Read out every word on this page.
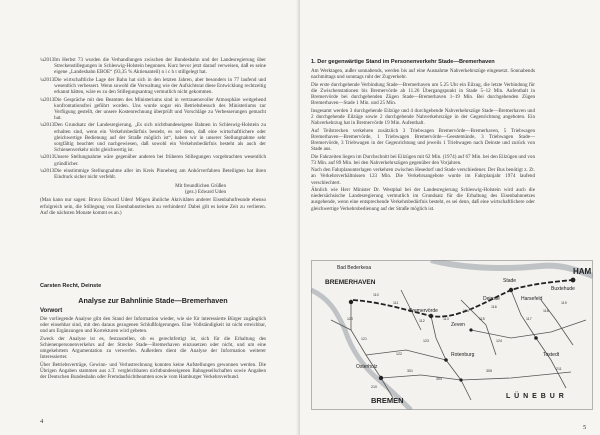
\u2013 Im Herbst 73 wurden die Verhandlungen zwischen der Bundesbahn und der Landesregierung über Streckenstillegungen in Schleswig-Holstein begonnen. Kurz bevor jetzt darauf verweisen, daß es seine eigene „Landesbahn EBOE“ (93,35 % Aktienanteil) n i c h t stillgelegt hat.
\u2013 Die wirtschaftliche Lage der Bahn hat sich in den letzten Jahren, aber besonders in 77 laufend und wesentlich verbessert. Wenn sowohl die Verwaltung wie der Aufsichtsrat diese Entwicklung rechtzeitig erkannt hätten, wäre es zu den Stillegungsantrag vermutlich nicht gekommen.
\u2013 Die Gespräche mit den Beamten des Ministeriums sind in vertrauensvoller Atmosphäre weitgehend konfrontationsfrei geführt worden. Uns wurde sogar ein Betriebsbesuch des Ministeriums zur Verfügung gestellt, der unsere Kostenrechnung überprüft und Vorschläge zu Verbesserungen gemacht hat.
\u2013 Den Grundsatz der Landesregierung, „Es sich nichtbundeseigene Bahnen in Schleswig-Holstein zu erhalten sind, wenn ein Verkehrsbedürfnis besteht, es sei denn, daß eine wirtschaftlichere oder gleichwertige Bedienung auf der Straße möglich ist“, haben wir in unserer Stellungnahme sehr sorgfältig beachtet und nachgewiesen, daß sowohl ein Verkehrsbedürfnis besteht als auch der Schienenverkehr nicht gleichwertig ist.
\u2013 Unsere Stellungnahme wäre gegenüber anderen bei früheren Stillegungen vorgebrachten wesentlich gründlicher.
\u2013 Die einstimmige Stellungnahme aller im Kreis Pinneberg am Anhörverfahren Beteiligten hat ihren Eindruck sicher nicht verfehlt.
Mit freundlichen Grüßen
(gez.) Edward Uden

(Man kann nur sagen: Bravo Edward Uden! Mögen ähnliche Aktivitäten anderer Eisenbahnfreunde ebenso erfolgreich sein, die Stillegung von Eisenbahnstrecken zu verhindern! Dabei gilt es keine Zeit zu verlieren. Auf die nächsten Monate kommt es an.)

Carsten Recht, Deinste
Analyse zur Bahnlinie Stade—Bremerhaven
Vorwort

Die vorliegende Analyse gibt den Stand der Information wieder, wie sie für interessierte Bürger zugänglich oder einsehbar sind, mit den daraus gezogenen Schlußfolgerungen. Eine Vollständigkeit ist nicht erreichbar, und am Ergänzungen und Korrekturen wird gebeten.

Zweck der Analyse ist es, festzustellen, ob es gerechtfertigt ist, sich für die Erhaltung des Schienenpersonenverkehrs auf der Strecke Stade—Bremerhaven einzusetzen oder nicht, und um eine umgekehrtem Argumentation zu verwerfen. Außerdem dient die Analyse der Information weiterer Interessierter.

Über Betriebsverträge, Gewinn- und Verlustrechnung konnten keine Aufstellungen gewonnen werden. Die Übrigen Angaben stammen aus z.T. vergleichbaren nichtbundeseigenen Bahngesellschaften sowie Angaben der Deutschen Bundesbahn oder Fremdaufsichtbeamten sowie vom Hamburger Verkehrsverbund.

4
1. Der gegenwärtige Stand im Personenverkehr Stade—Bremerhaven

Am Werktagen, außer sonnabends, werden bis auf eine Ausnahme Nahverkehrszüge eingesetzt. Sonnabends nachmittags und sonntags ruht der Zugverkehr.

Die erste durchgehende Verbindung Stade—Bremerhaven um 5.25 Uhr ein Eilzug, die letzte Verbindung für die Zwischenstationen bis Bremervörde ab 11.26 Übergangspunkt in Stade 5–12 Min. Aufenthalt in Bremervörde bei durchgehenden Zügen Stade—Bremerhaven 1–19 Min. Bei durchgehenden Zügen Bremerhaven—Stade 1 Min. und 25 Min.

Insgesamt werden 3 durchgehende Eilzüge und 4 durchgehende Nahverkehrszüge Stade—Bremerhaven und 2 durchgehende Eilzüge sowie 2 durchgehende Nahverkehrszüge in der Gegenrichtung angeboten. Ein Nahverkehrzug hat in Bremervörde 19 Min. Aufenthalt.

Auf Teilstrecken verkehren zusätzlich 3 Triebwagen Bremervörde—Bremerhaven, 5 Triebwagen Bremerhaven—Bremervörde, 1 Triebwagen Bremervörde—Geestemünde, 3 Triebwagen Stade—Bremervörde, 3 Triebwagen in der Gegenrichtung und jeweils 1 Triebwagen nach Deinste und zurück von Stade aus.

Die Fahrzeiten liegen im Durchschnitt bei Eilzügen mit 62 Min. (1974) auf 67 Min. bei den Eilzügen und von 73 Min. auf 89 Min. bei den Nahverkehrszügen gegenüber den Vorjahren.

Nach den Fahrplanunterlagen verkehren zwischen Hesedorf und Stade verschiedener. Der Bus benötigt z. Zt. an Verkehrsverhältnissen 123 Min. Die Verkehrsangebote wurde im Fahrplanjahr 1974 laufend verschlechtert.

Ähnlich wie Herr Minister Dr. Westphal bei der Landesregierung Schleswig-Holstein wird auch die niedersächsische Landesregierung vermutlich im Grundsatz für die Erhaltung des Eisenbahnnetzes ausgehende, wenn eine entsprechende Verkehrsbedürfnis besteht, es sei denn, daß eine wirtschaftlichere oder gleichwertige Verkehrsbedienung auf der Straße möglich ist.

5
Bad Bederkesa
BREMERHAVEN
Bremervörde
Stade
Deinste	Harsefeld
HAM
Buxtehude
Zeven
Rotenburg	Tostedt
Osterholz
BREMEN	L Ü N E B U R
110
111
112	113
114
115
116
117
118
119
120
121
122
123	124
301
304
305
210
211
